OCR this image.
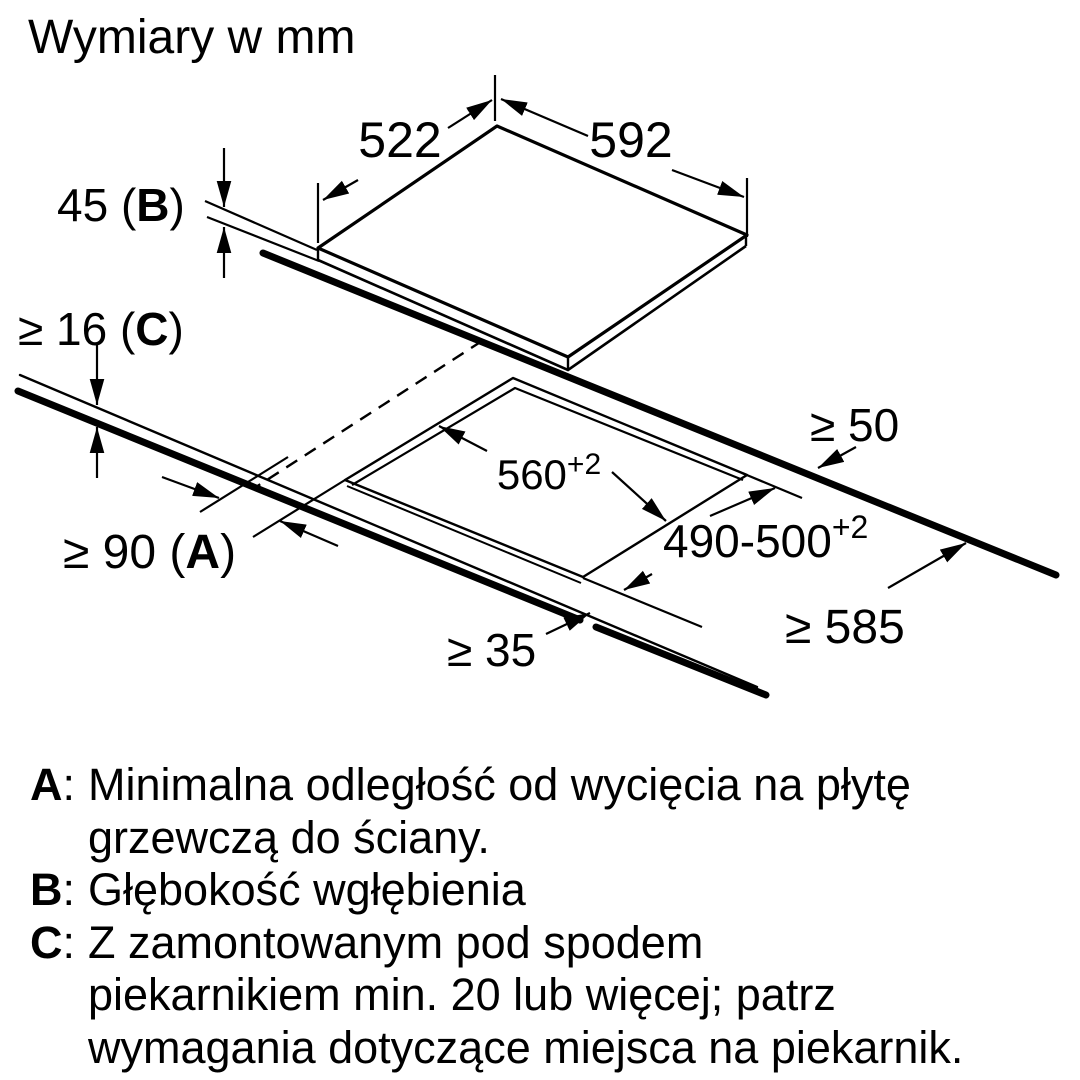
Wymiary w mm
522	592
45 (B)
≥ 16 (C)
≥ 90 (A)
$560^{+2}$
$490-500^{+2}$
≥ 50
≥ 585
≥ 35
A: Minimalna odległość od wycięcia na płytę
grzewczą do ściany.
B: Głębokość wgłębienia
C: Z zamontowanym pod spodem
piekarnikiem min. 20 lub więcej; patrz
wymagania dotyczące miejsca na piekarnik.
